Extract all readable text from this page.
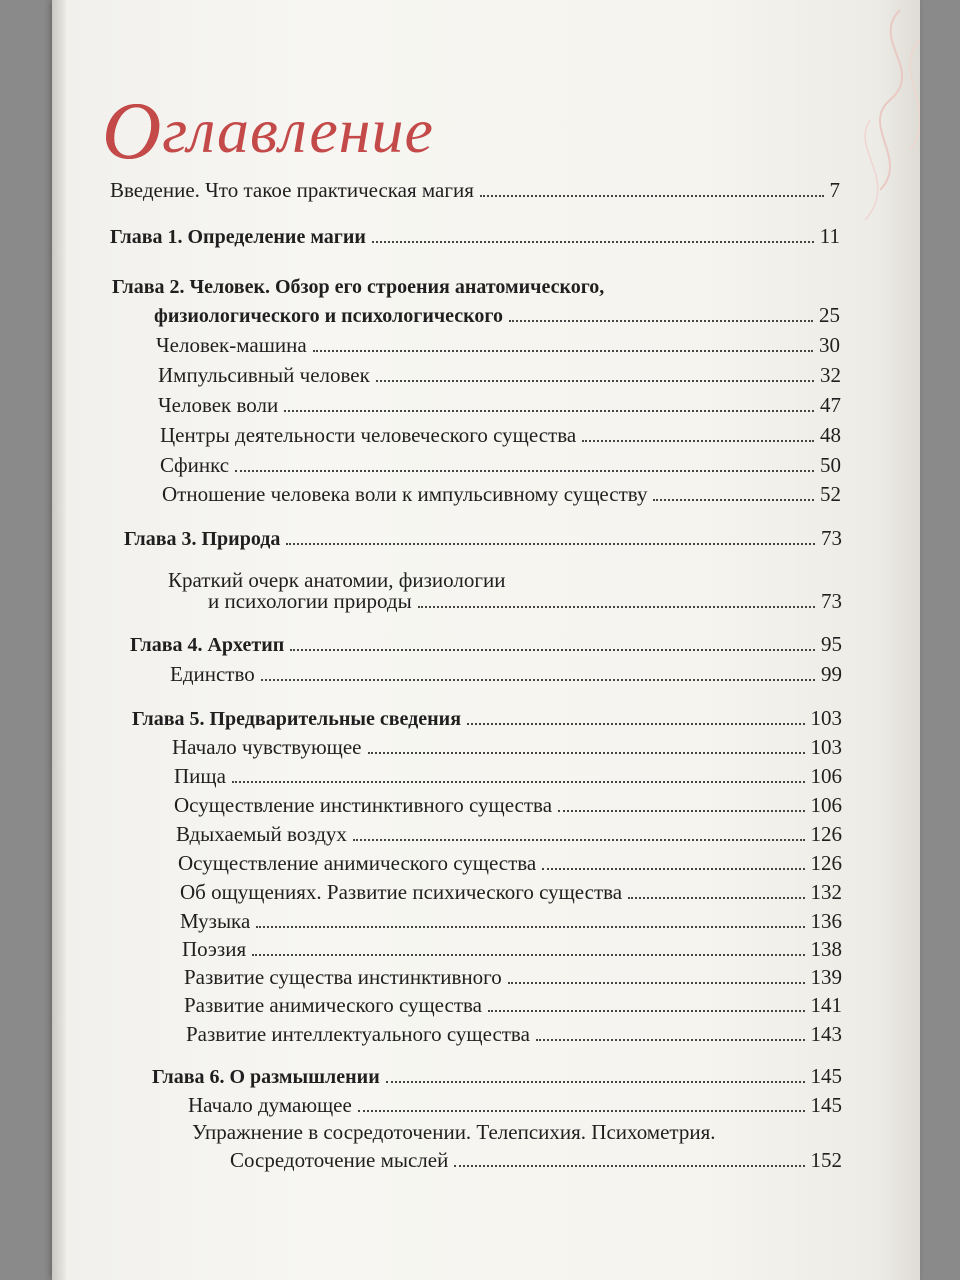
Оглавление
Введение. Что такое практическая магия	7
Глава 1. Определение магии	11
Глава 2. Человек. Обзор его строения анатомического,
физиологического и психологического	25
Человек-машина	30
Импульсивный человек	32
Человек воли	47
Центры деятельности человеческого существа	48
Сфинкс	50
Отношение человека воли к импульсивному существу	52
Глава 3. Природа	73
Краткий очерк анатомии, физиологии
и психологии природы	73
Глава 4. Архетип	95
Единство	99
Глава 5. Предварительные сведения	103
Начало чувствующее	103
Пища	106
Осуществление инстинктивного существа	106
Вдыхаемый воздух	126
Осуществление анимического существа	126
Об ощущениях. Развитие психического существа	132
Музыка	136
Поэзия	138
Развитие существа инстинктивного	139
Развитие анимического существа	141
Развитие интеллектуального существа	143
Глава 6. О размышлении	145
Начало думающее	145
Упражнение в сосредоточении. Телепсихия. Психометрия.
Сосредоточение мыслей	152
